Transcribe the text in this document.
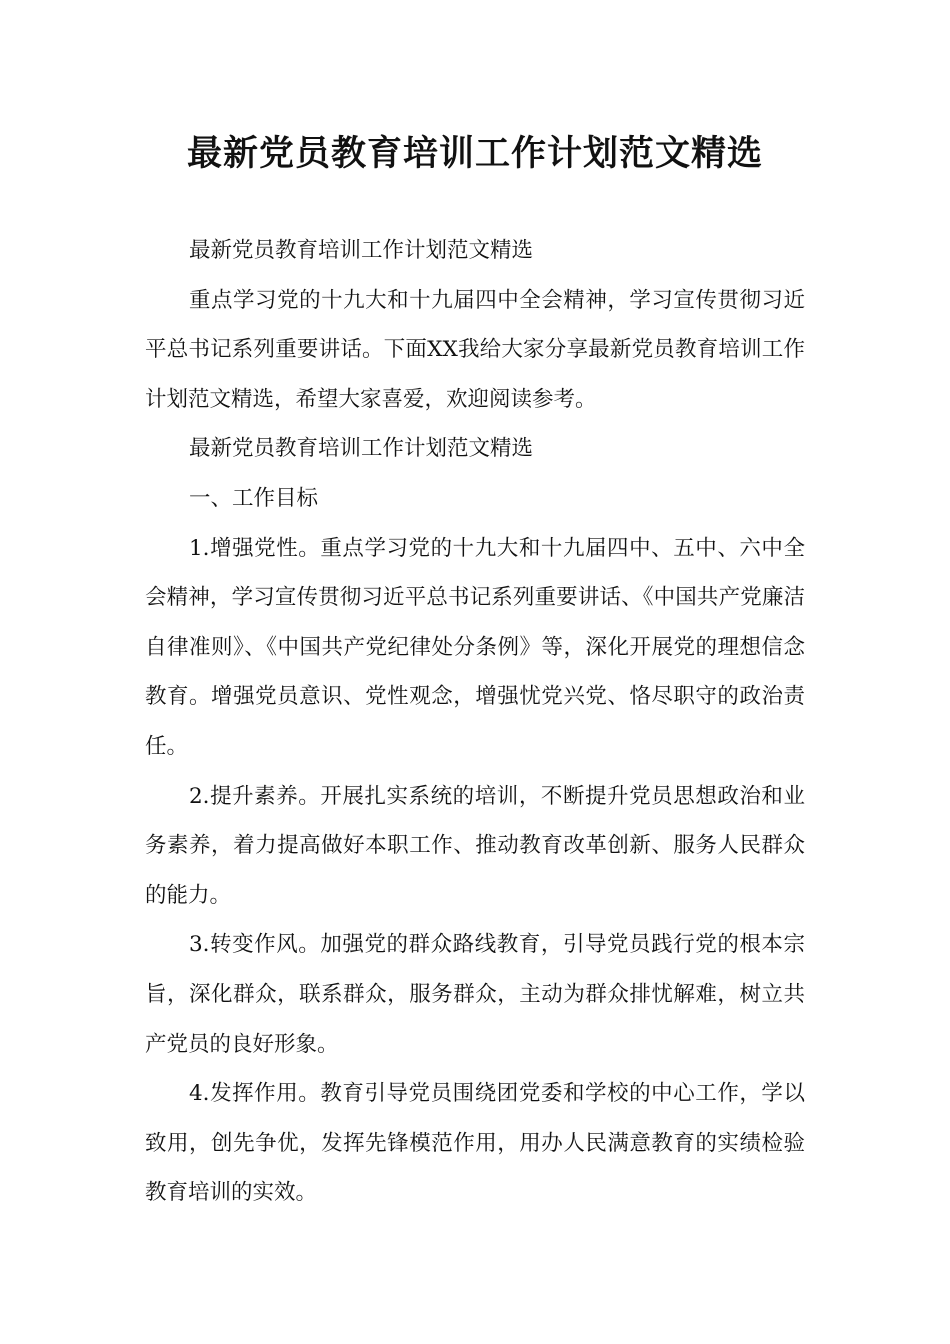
最新党员教育培训工作计划范文精选

最新党员教育培训工作计划范文精选

重点学习党的十九大和十九届四中全会精神，学习宣传贯彻习近平总书记系列重要讲话。下面XX我给大家分享最新党员教育培训工作计划范文精选，希望大家喜爱，欢迎阅读参考。

最新党员教育培训工作计划范文精选

一、工作目标

1.增强党性。重点学习党的十九大和十九届四中、五中、六中全会精神，学习宣传贯彻习近平总书记系列重要讲话、《中国共产党廉洁自律准则》、《中国共产党纪律处分条例》等，深化开展党的理想信念教育。增强党员意识、党性观念，增强忧党兴党、恪尽职守的政治责任。

2.提升素养。开展扎实系统的培训，不断提升党员思想政治和业务素养，着力提高做好本职工作、推动教育改革创新、服务人民群众的能力。

3.转变作风。加强党的群众路线教育，引导党员践行党的根本宗旨，深化群众，联系群众，服务群众，主动为群众排忧解难，树立共产党员的良好形象。

4.发挥作用。教育引导党员围绕团党委和学校的中心工作，学以致用，创先争优，发挥先锋模范作用，用办人民满意教育的实绩检验教育培训的实效。
